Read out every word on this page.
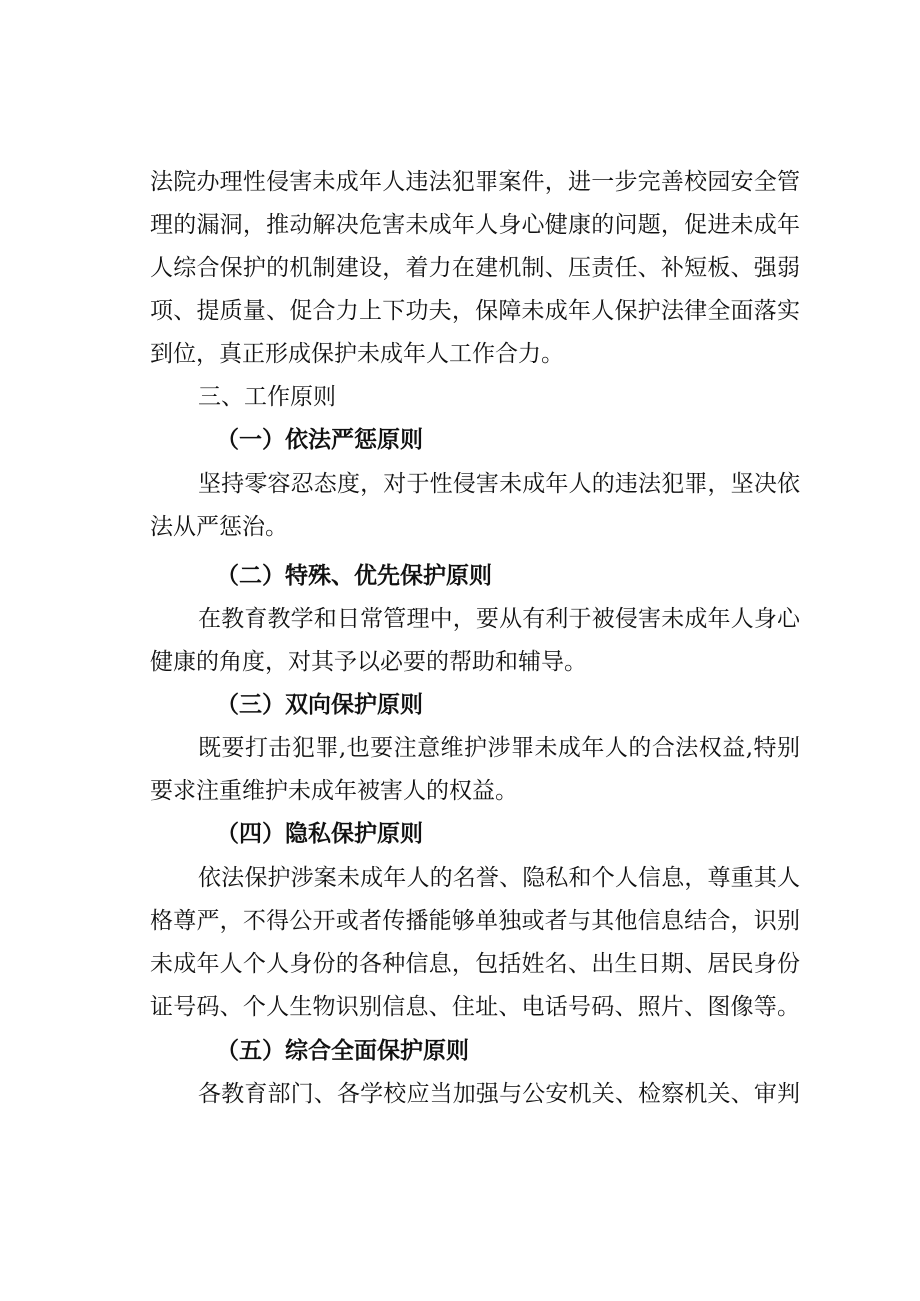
法院办理性侵害未成年人违法犯罪案件，进一步完善校园安全管
理的漏洞，推动解决危害未成年人身心健康的问题，促进未成年
人综合保护的机制建设，着力在建机制、压责任、补短板、强弱
项、提质量、促合力上下功夫，保障未成年人保护法律全面落实
到位，真正形成保护未成年人工作合力。
三、工作原则
（一）依法严惩原则
坚持零容忍态度，对于性侵害未成年人的违法犯罪，坚决依
法从严惩治。
（二）特殊、优先保护原则
在教育教学和日常管理中，要从有利于被侵害未成年人身心
健康的角度，对其予以必要的帮助和辅导。
（三）双向保护原则
既要打击犯罪,也要注意维护涉罪未成年人的合法权益,特别
要求注重维护未成年被害人的权益。
（四）隐私保护原则
依法保护涉案未成年人的名誉、隐私和个人信息，尊重其人
格尊严，不得公开或者传播能够单独或者与其他信息结合，识别
未成年人个人身份的各种信息，包括姓名、出生日期、居民身份
证号码、个人生物识别信息、住址、电话号码、照片、图像等。
（五）综合全面保护原则
各教育部门、各学校应当加强与公安机关、检察机关、审判
